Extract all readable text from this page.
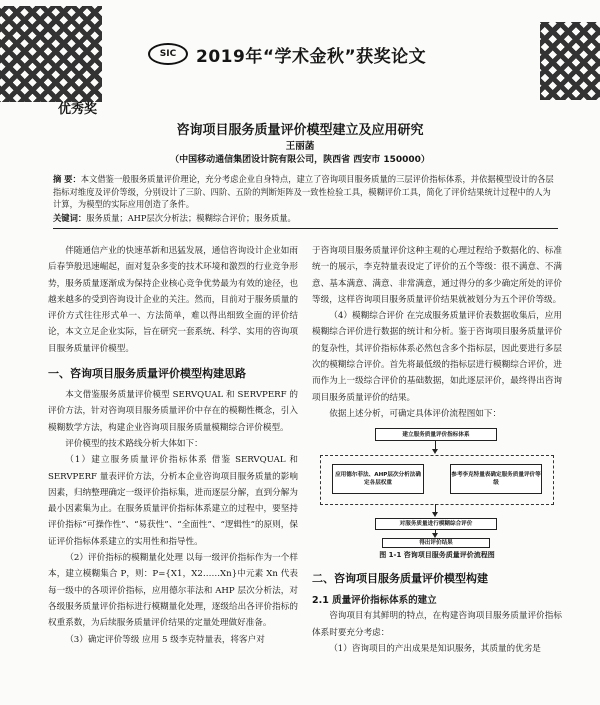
SIC	2019年“学术金秋”获奖论文
优秀奖
咨询项目服务质量评价模型建立及应用研究
王丽菡
（中国移动通信集团设计院有限公司，陕西省 西安市 150000）
摘 要：本文借鉴一般服务质量评价理论，充分考虑企业自身特点，建立了咨询项目服务质量的三层评价指标体系，并依据模型设计的各层指标对维度及评价等级，分别设计了三阶、四阶、五阶的判断矩阵及一致性检验工具，模糊评价工具，简化了评价结果统计过程中的人为计算，为模型的实际应用创造了条件。
关键词：服务质量；AHP层次分析法；模糊综合评价；服务质量。

伴随通信产业的快速革新和迅猛发展，通信咨询设计企业如雨后春笋般迅速崛起，面对复杂多变的技术环境和激烈的行业竞争形势，服务质量逐渐成为保持企业核心竞争优势最为有效的途径，也越来越多的受到咨询设计企业的关注。然而，目前对于服务质量的评价方式往往形式单一、方法简单，难以得出细致全面的评价结论，本文立足企业实际，旨在研究一套系统、科学、实用的咨询项目服务质量评价模型。

一、咨询项目服务质量评价模型构建思路

本文借鉴服务质量评价模型 SERVQUAL 和 SERVPERF 的评价方法，针对咨询项目服务质量评价中存在的模糊性概念，引入模糊数学方法，构建企业咨询项目服务质量模糊综合评价模型。

评价模型的技术路线分析大体如下：

（1）建立服务质量评价指标体系 借鉴 SERVQUAL 和 SERVPERF 量表评价方法，分析本企业咨询项目服务质量的影响因素，归纳整理确定一级评价指标集，进而逐层分解，直到分解为最小因素集为止。在服务质量评价指标体系建立的过程中，要坚持评价指标“可操作性”、“易获性”、“全面性”、“逻辑性”的原则，保证评价指标体系建立的实用性和指导性。

（2）评价指标的模糊量化处理 以每一级评价指标作为一个样本，建立模糊集合 P，则：P={X1，X2……Xn}中元素 Xn 代表每一级中的各项评价指标，应用德尔菲法和 AHP 层次分析法，对各级服务质量评价指标进行模糊量化处理，逐级给出各评价指标的权重系数，为后续服务质量评价结果的定量处理做好准备。

（3）确定评价等级 应用 5 级李克特量表，将客户对

于咨询项目服务质量评价这种主观的心理过程给予数据化的、标准统一的展示，李克特量表设定了评价的五个等级：很不满意、不满意、基本满意、满意、非常满意，通过得分的多少确定所处的评价等级，这样咨询项目服务质量评价结果就被划分为五个评价等级。

（4）模糊综合评价 在完成服务质量评价表数据收集后，应用模糊综合评价进行数据的统计和分析。鉴于咨询项目服务质量评价的复杂性，其评价指标体系必然包含多个指标层，因此要进行多层次的模糊综合评价。首先将最低级的指标层进行模糊综合评价，进而作为上一级综合评价的基础数据，如此逐层评价，最终得出咨询项目服务质量评价的结果。

依据上述分析，可确定具体评价流程图如下：

建立服务质量评价指标体系
应用德尔菲法、AHP层次分析法确定各层权重
参考李克特量表确定服务质量评价等级
对服务质量进行模糊综合评价
得出评价结果
图 1-1 咨询项目服务质量评价流程图
二、咨询项目服务质量评价模型构建
2.1 质量评价指标体系的建立

咨询项目有其鲜明的特点，在构建咨询项目服务质量评价指标体系时要充分考虑：

（1）咨询项目的产出成果是知识服务，其质量的优劣是
